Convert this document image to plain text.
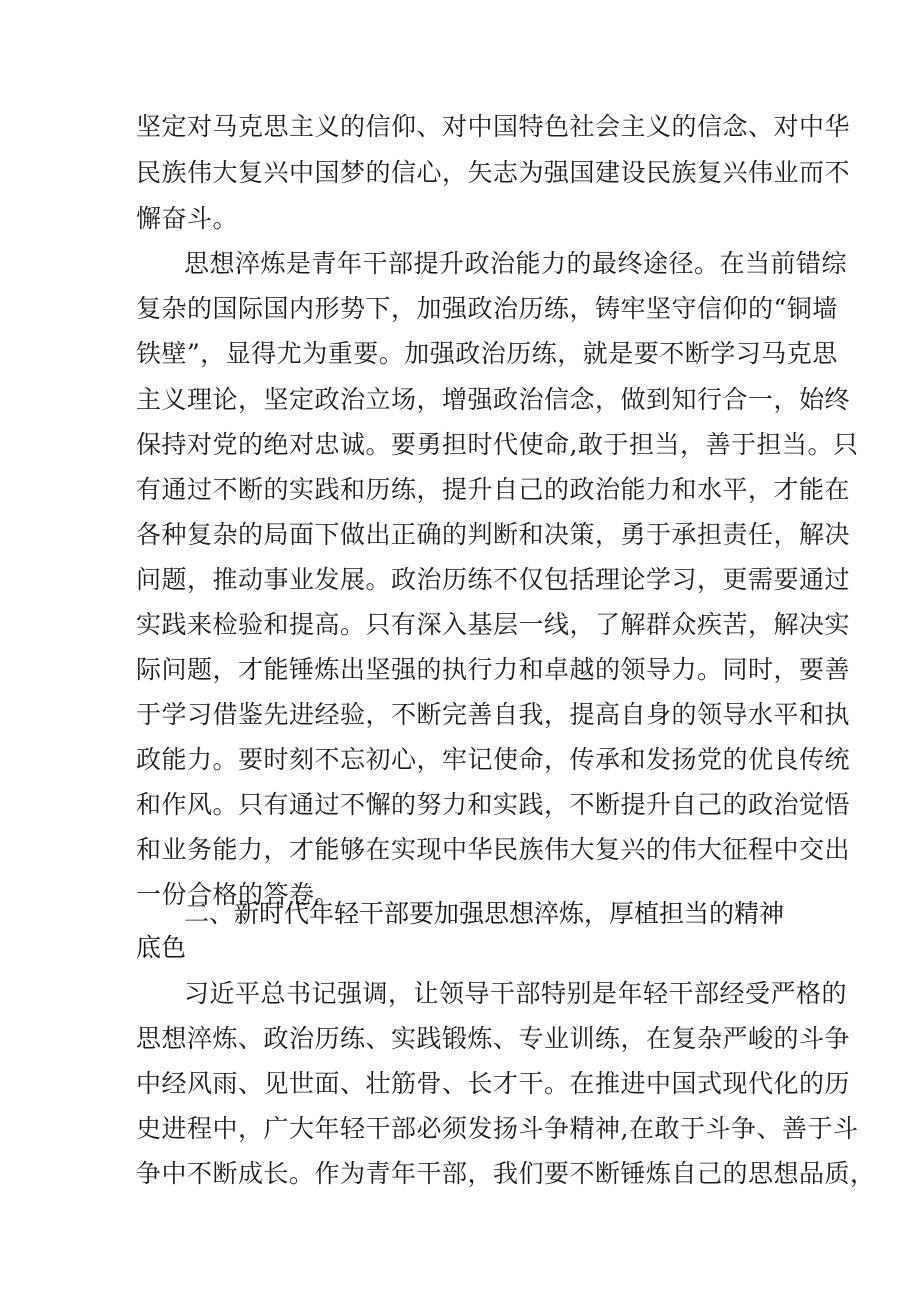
坚定对马克思主义的信仰、对中国特色社会主义的信念、对中华
民族伟大复兴中国梦的信心，矢志为强国建设民族复兴伟业而不
懈奋斗。
思想淬炼是青年干部提升政治能力的最终途径。在当前错综
复杂的国际国内形势下，加强政治历练，铸牢坚守信仰的“铜墙
铁壁”，显得尤为重要。加强政治历练，就是要不断学习马克思
主义理论，坚定政治立场，增强政治信念，做到知行合一，始终
保持对党的绝对忠诚。要勇担时代使命,敢于担当，善于担当。只
有通过不断的实践和历练，提升自己的政治能力和水平，才能在
各种复杂的局面下做出正确的判断和决策，勇于承担责任，解决
问题，推动事业发展。政治历练不仅包括理论学习，更需要通过
实践来检验和提高。只有深入基层一线，了解群众疾苦，解决实
际问题，才能锤炼出坚强的执行力和卓越的领导力。同时，要善
于学习借鉴先进经验，不断完善自我，提高自身的领导水平和执
政能力。要时刻不忘初心，牢记使命，传承和发扬党的优良传统
和作风。只有通过不懈的努力和实践，不断提升自己的政治觉悟
和业务能力，才能够在实现中华民族伟大复兴的伟大征程中交出
一份合格的答卷。
二、新时代年轻干部要加强思想淬炼，厚植担当的精神
底色
习近平总书记强调，让领导干部特别是年轻干部经受严格的
思想淬炼、政治历练、实践锻炼、专业训练，在复杂严峻的斗争
中经风雨、见世面、壮筋骨、长才干。在推进中国式现代化的历
史进程中，广大年轻干部必须发扬斗争精神,在敢于斗争、善于斗
争中不断成长。作为青年干部，我们要不断锤炼自己的思想品质，
